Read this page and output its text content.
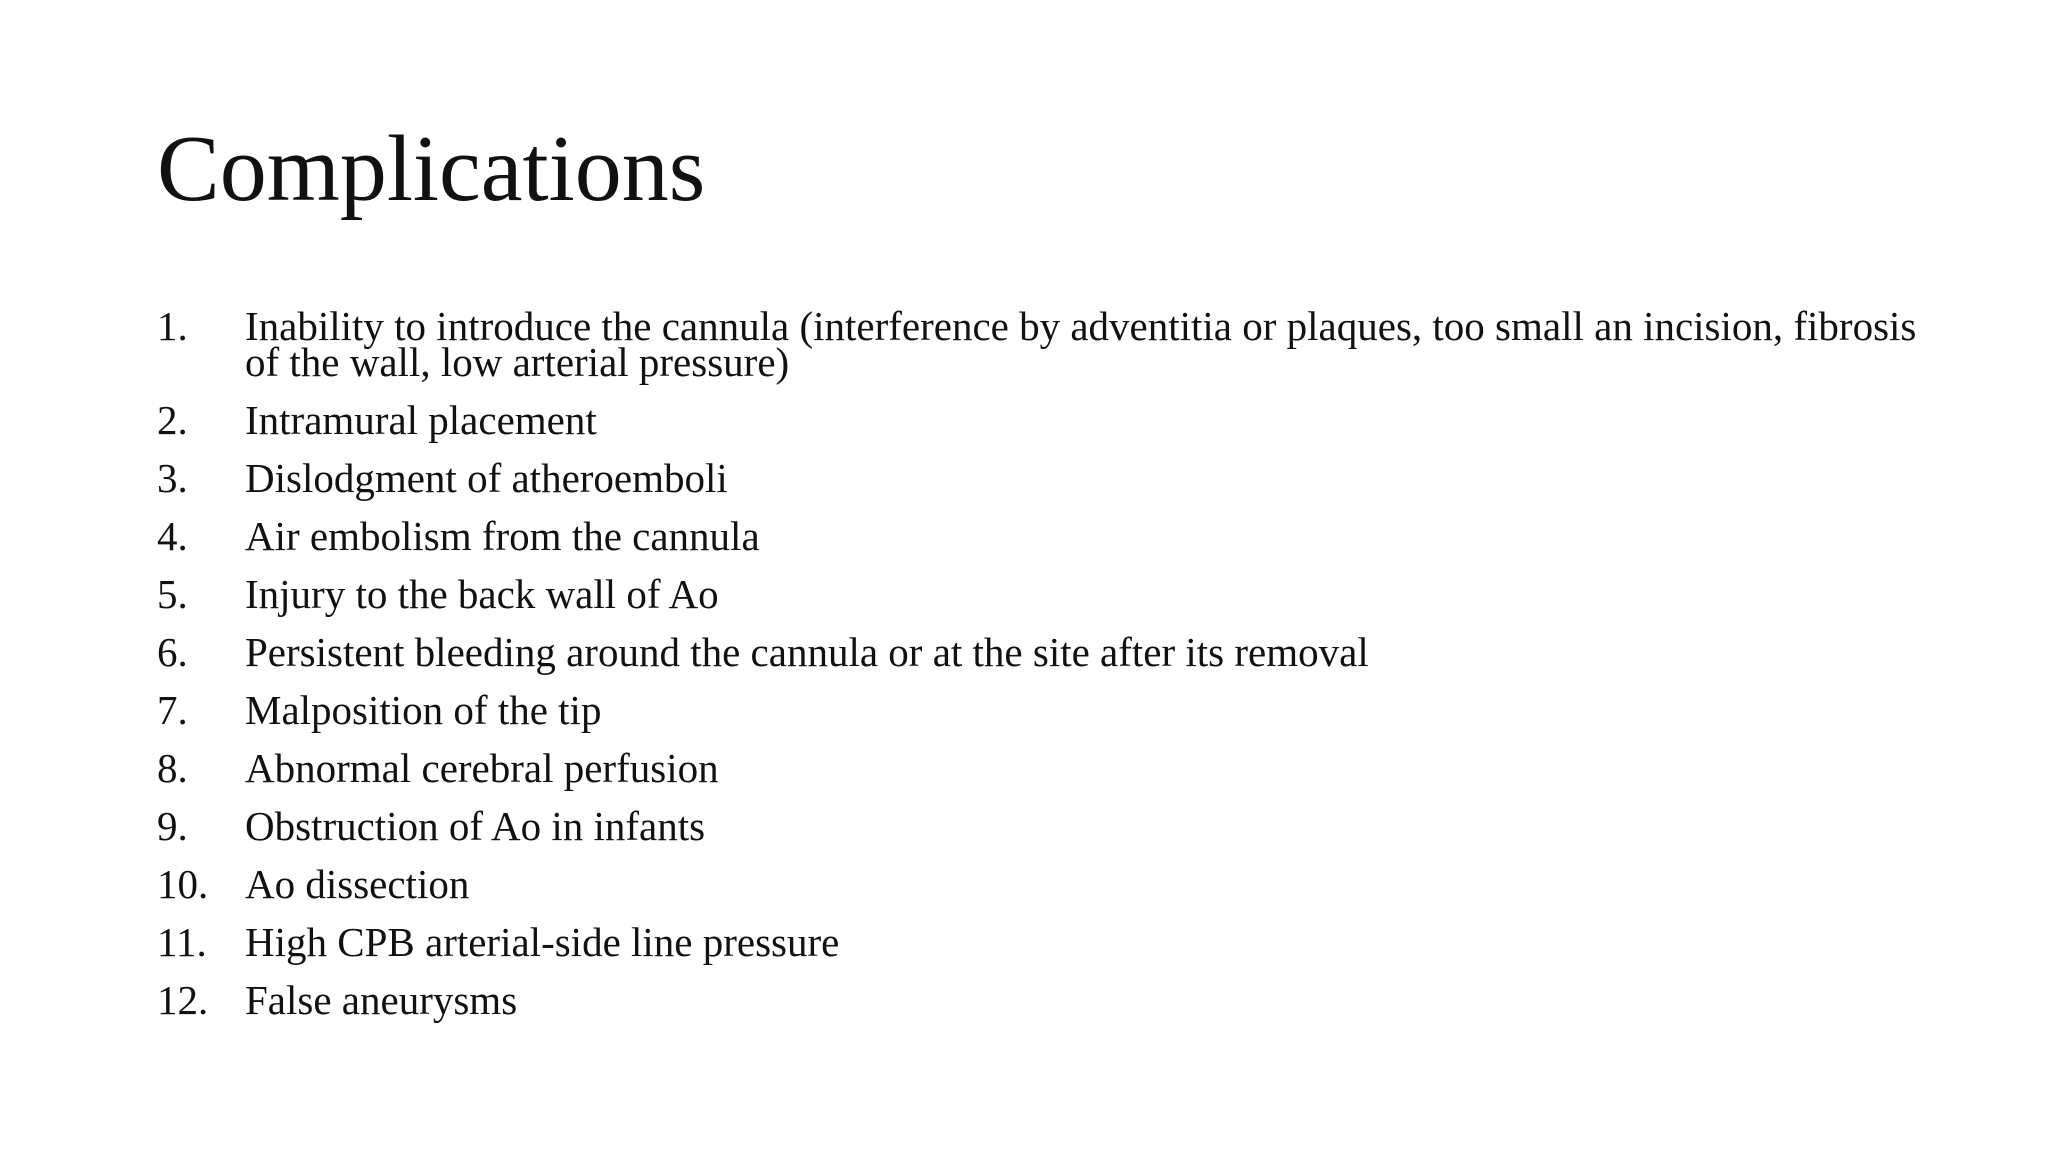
Complications
1.	Inability to introduce the cannula (interference by adventitia or plaques, too small an incision, fibrosis of the wall, low arterial pressure)
2.	Intramural placement
3.	Dislodgment of atheroemboli
4.	Air embolism from the cannula
5.	Injury to the back wall of Ao
6.	Persistent bleeding around the cannula or at the site after its removal
7.	Malposition of the tip
8.	Abnormal cerebral perfusion
9.	Obstruction of Ao in infants
10. Ao dissection
11. High CPB arterial-side line pressure
12. False aneurysms
